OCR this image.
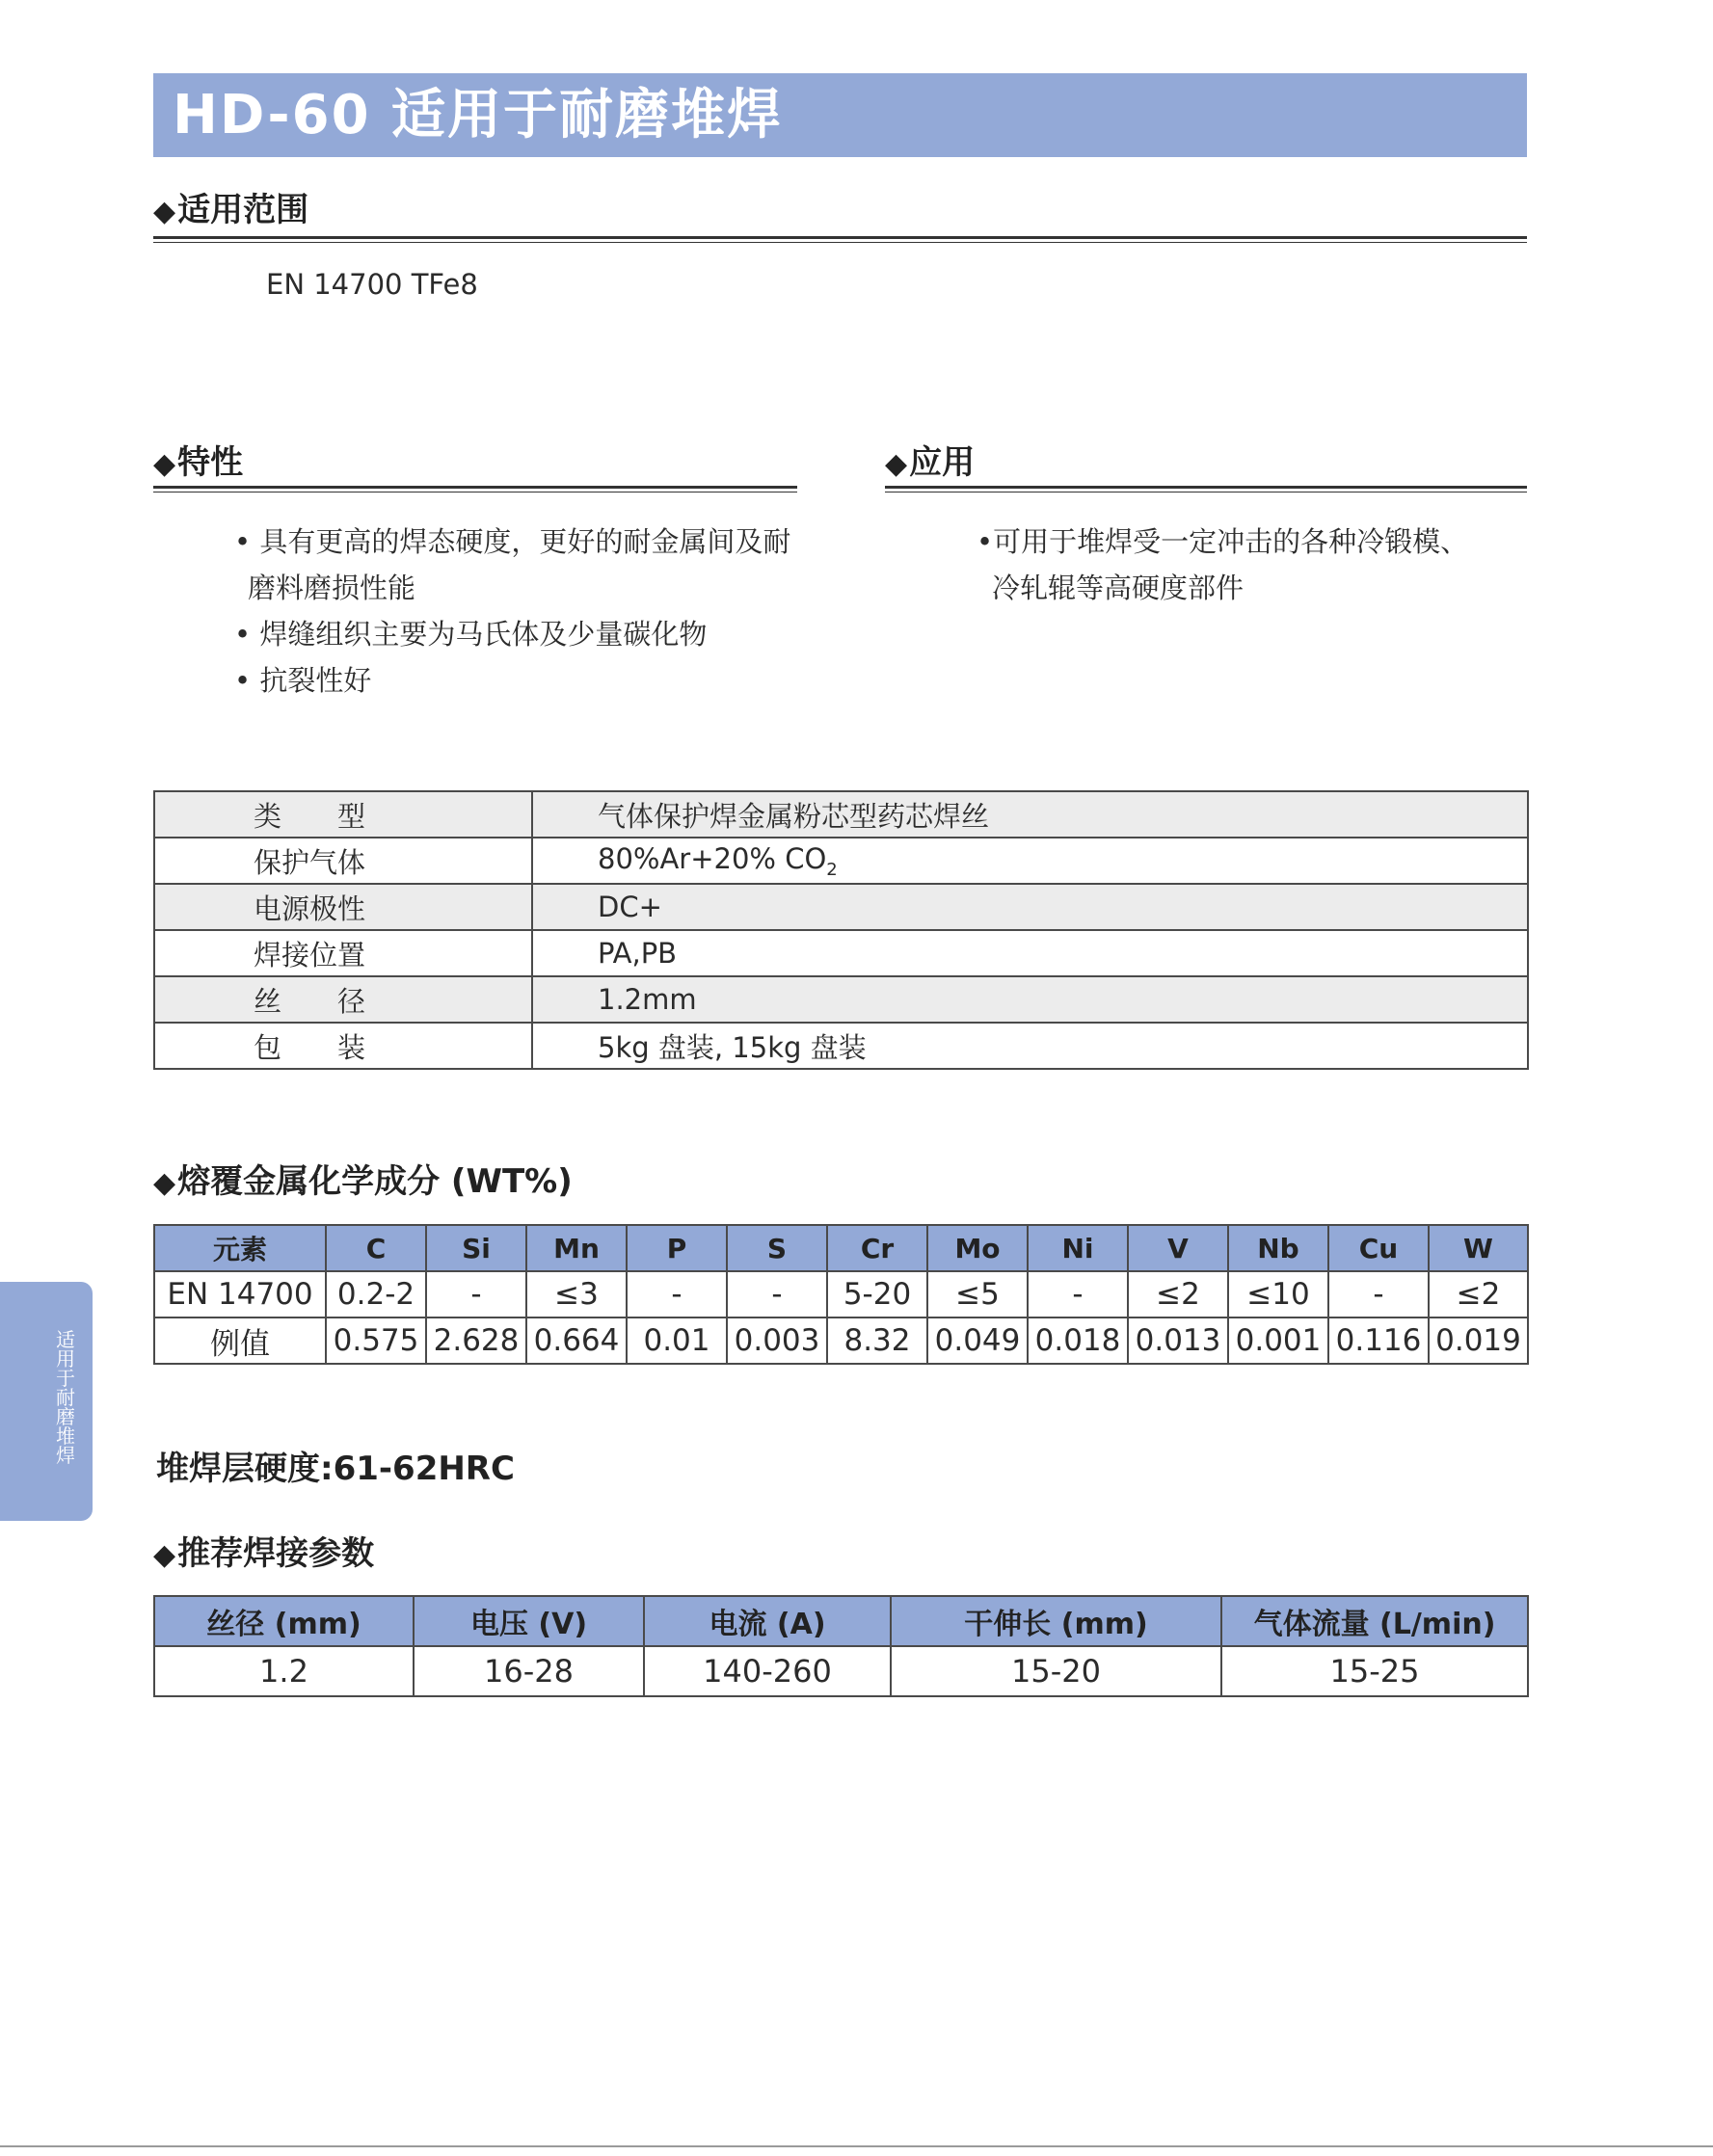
HD-60 适用于耐磨堆焊
◆适用范围
EN 14700 TFe8
◆特性
• 具有更高的焊态硬度，更好的耐金属间及耐
磨料磨损性能
• 焊缝组织主要为马氏体及少量碳化物
• 抗裂性好
◆应用
•可用于堆焊受一定冲击的各种冷锻模、
冷轧辊等高硬度部件
类　　型	气体保护焊金属粉芯型药芯焊丝
保护气体	80%Ar+20% $CO_2$
电源极性	DC+
焊接位置	PA,PB
丝　　径	1.2mm
包　　装	5kg 盘装, 15kg 盘装
◆熔覆金属化学成分 (WT%)
元素	C	Si	Mn	P	S	Cr	Mo	Ni	V	Nb	Cu	W
EN 14700	0.2-2	-	≤3	-	-	5-20	≤5	-	≤2	≤10	-	≤2
例值	0.575	2.628	0.664	0.01	0.003	8.32	0.049	0.018	0.013	0.001	0.116	0.019
堆焊层硬度:61-62HRC
◆推荐焊接参数
丝径 (mm)	电压 (V)	电流 (A)	干伸长 (mm)	气体流量 (L/min)
1.2	16-28	140-260	15-20	15-25
适用于耐磨堆焊
